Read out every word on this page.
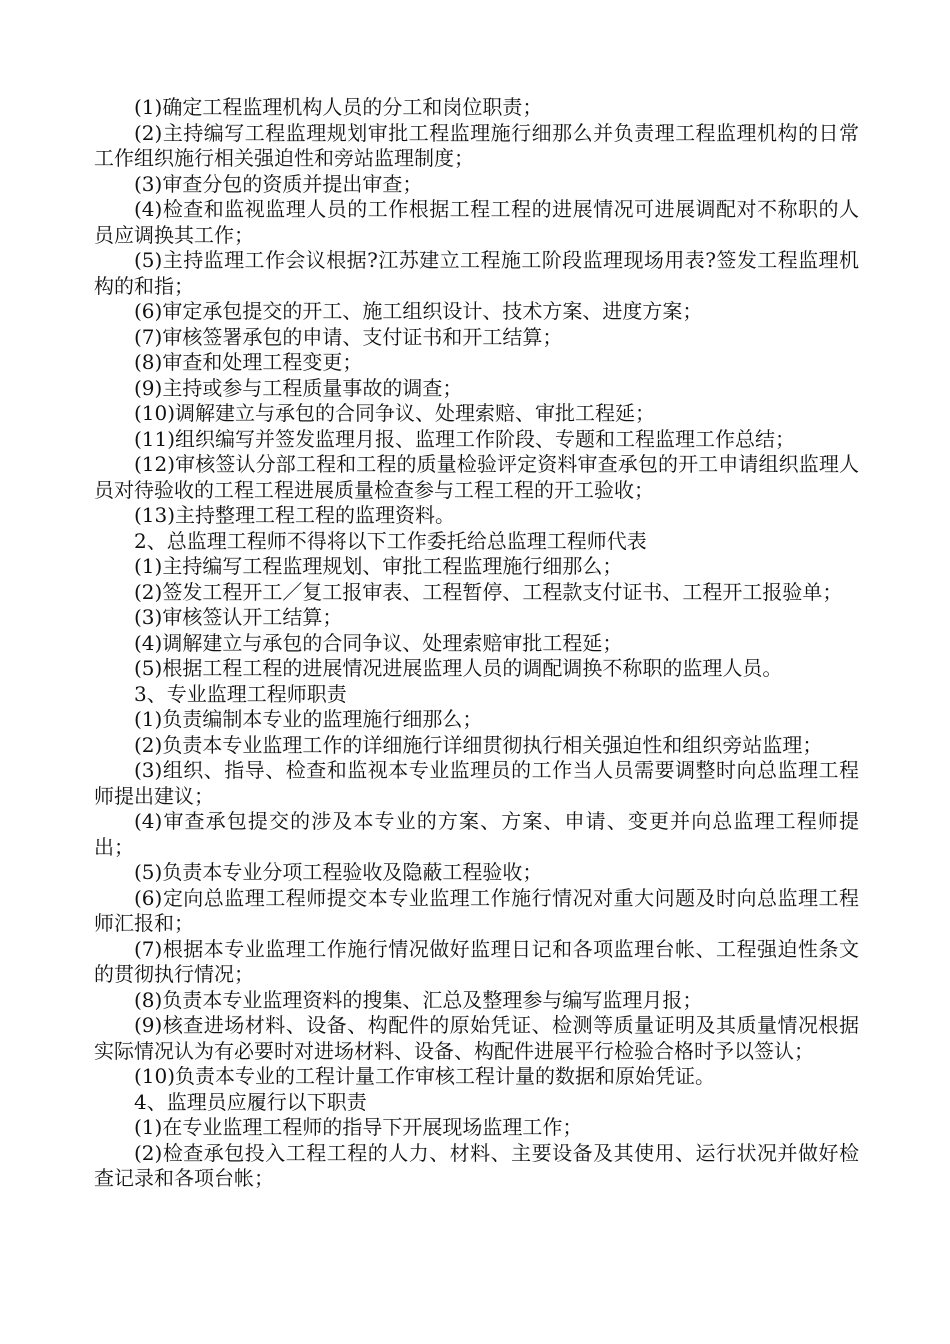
(1)确定工程监理机构人员的分工和岗位职责；

(2)主持编写工程监理规划审批工程监理施行细那么并负责理工程监理机构的日常工作组织施行相关强迫性和旁站监理制度；

(3)审查分包的资质并提出审查；

(4)检查和监视监理人员的工作根据工程工程的进展情况可进展调配对不称职的人员应调换其工作；

(5)主持监理工作会议根据?江苏建立工程施工阶段监理现场用表?签发工程监理机构的和指；

(6)审定承包提交的开工、施工组织设计、技术方案、进度方案；

(7)审核签署承包的申请、支付证书和开工结算；

(8)审查和处理工程变更；

(9)主持或参与工程质量事故的调查；

(10)调解建立与承包的合同争议、处理索赔、审批工程延；

(11)组织编写并签发监理月报、监理工作阶段、专题和工程监理工作总结；

(12)审核签认分部工程和工程的质量检验评定资料审查承包的开工申请组织监理人员对待验收的工程工程进展质量检查参与工程工程的开工验收；

(13)主持整理工程工程的监理资料。

2、总监理工程师不得将以下工作委托给总监理工程师代表

(1)主持编写工程监理规划、审批工程监理施行细那么；

(2)签发工程开工／复工报审表、工程暂停、工程款支付证书、工程开工报验单；

(3)审核签认开工结算；

(4)调解建立与承包的合同争议、处理索赔审批工程延；

(5)根据工程工程的进展情况进展监理人员的调配调换不称职的监理人员。

3、专业监理工程师职责

(1)负责编制本专业的监理施行细那么；

(2)负责本专业监理工作的详细施行详细贯彻执行相关强迫性和组织旁站监理；

(3)组织、指导、检查和监视本专业监理员的工作当人员需要调整时向总监理工程师提出建议；

(4)审查承包提交的涉及本专业的方案、方案、申请、变更并向总监理工程师提出；

(5)负责本专业分项工程验收及隐蔽工程验收；

(6)定向总监理工程师提交本专业监理工作施行情况对重大问题及时向总监理工程师汇报和；

(7)根据本专业监理工作施行情况做好监理日记和各项监理台帐、工程强迫性条文的贯彻执行情况；

(8)负责本专业监理资料的搜集、汇总及整理参与编写监理月报；

(9)核查进场材料、设备、构配件的原始凭证、检测等质量证明及其质量情况根据实际情况认为有必要时对进场材料、设备、构配件进展平行检验合格时予以签认；

(10)负责本专业的工程计量工作审核工程计量的数据和原始凭证。

4、监理员应履行以下职责

(1)在专业监理工程师的指导下开展现场监理工作；

(2)检查承包投入工程工程的人力、材料、主要设备及其使用、运行状况并做好检查记录和各项台帐；
